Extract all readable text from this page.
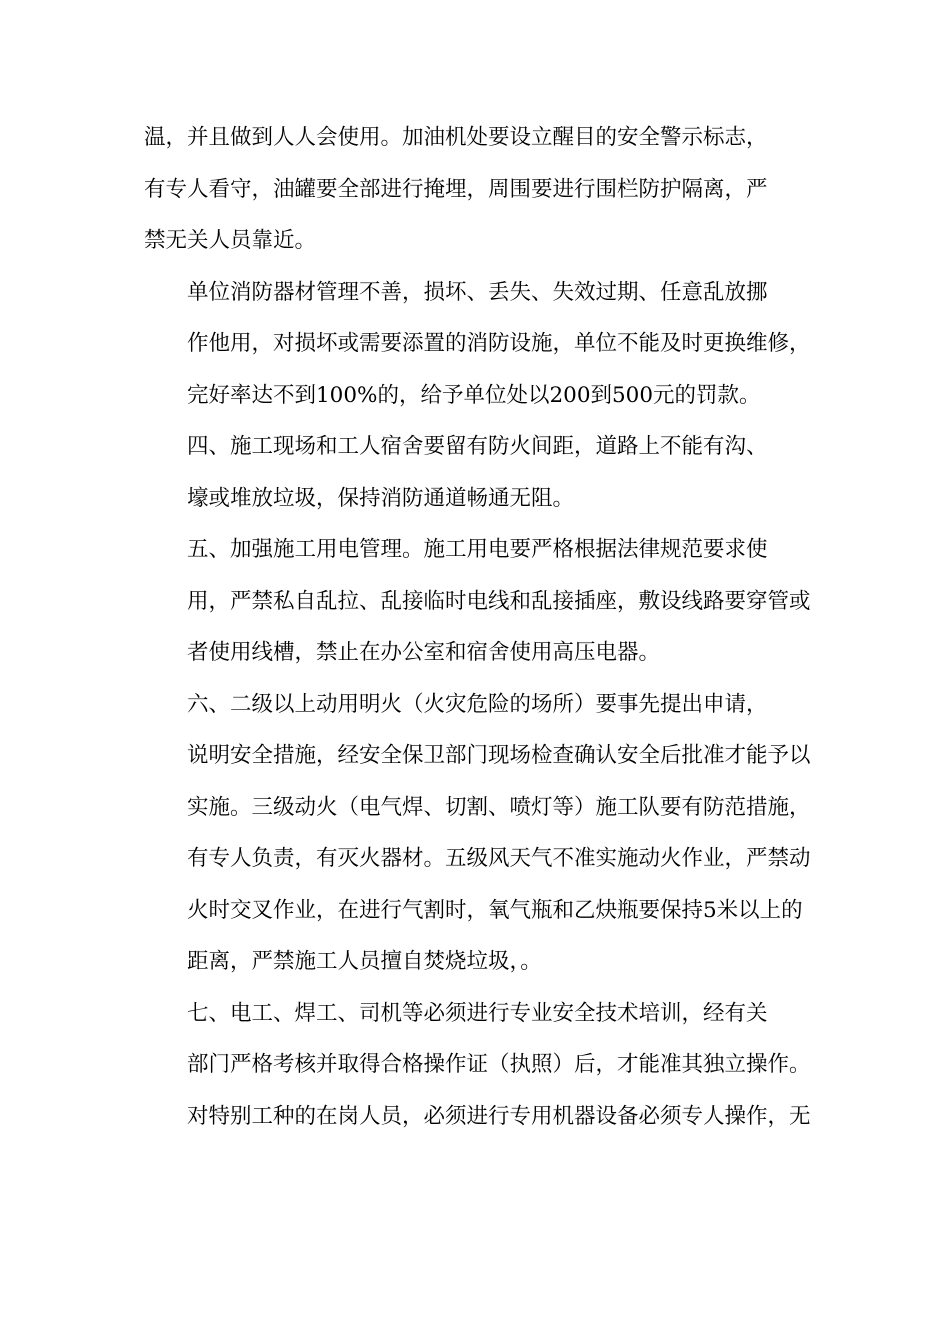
温，并且做到人人会使用。加油机处要设立醒目的安全警示标志，
有专人看守，油罐要全部进行掩埋，周围要进行围栏防护隔离，严
禁无关人员靠近。

单位消防器材管理不善，损坏、丢失、失效过期、任意乱放挪
作他用，对损坏或需要添置的消防设施，单位不能及时更换维修，
完好率达不到100%的，给予单位处以200到500元的罚款。

四、施工现场和工人宿舍要留有防火间距，道路上不能有沟、
壕或堆放垃圾，保持消防通道畅通无阻。

五、加强施工用电管理。施工用电要严格根据法律规范要求使
用，严禁私自乱拉、乱接临时电线和乱接插座，敷设线路要穿管或
者使用线槽，禁止在办公室和宿舍使用高压电器。

六、二级以上动用明火（火灾危险的场所）要事先提出申请，
说明安全措施，经安全保卫部门现场检查确认安全后批准才能予以
实施。三级动火（电气焊、切割、喷灯等）施工队要有防范措施，
有专人负责，有灭火器材。五级风天气不准实施动火作业，严禁动
火时交叉作业，在进行气割时，氧气瓶和乙炔瓶要保持5米以上的
距离，严禁施工人员擅自焚烧垃圾，。

七、电工、焊工、司机等必须进行专业安全技术培训，经有关
部门严格考核并取得合格操作证（执照）后，才能准其独立操作。
对特别工种的在岗人员，必须进行专用机器设备必须专人操作，无
